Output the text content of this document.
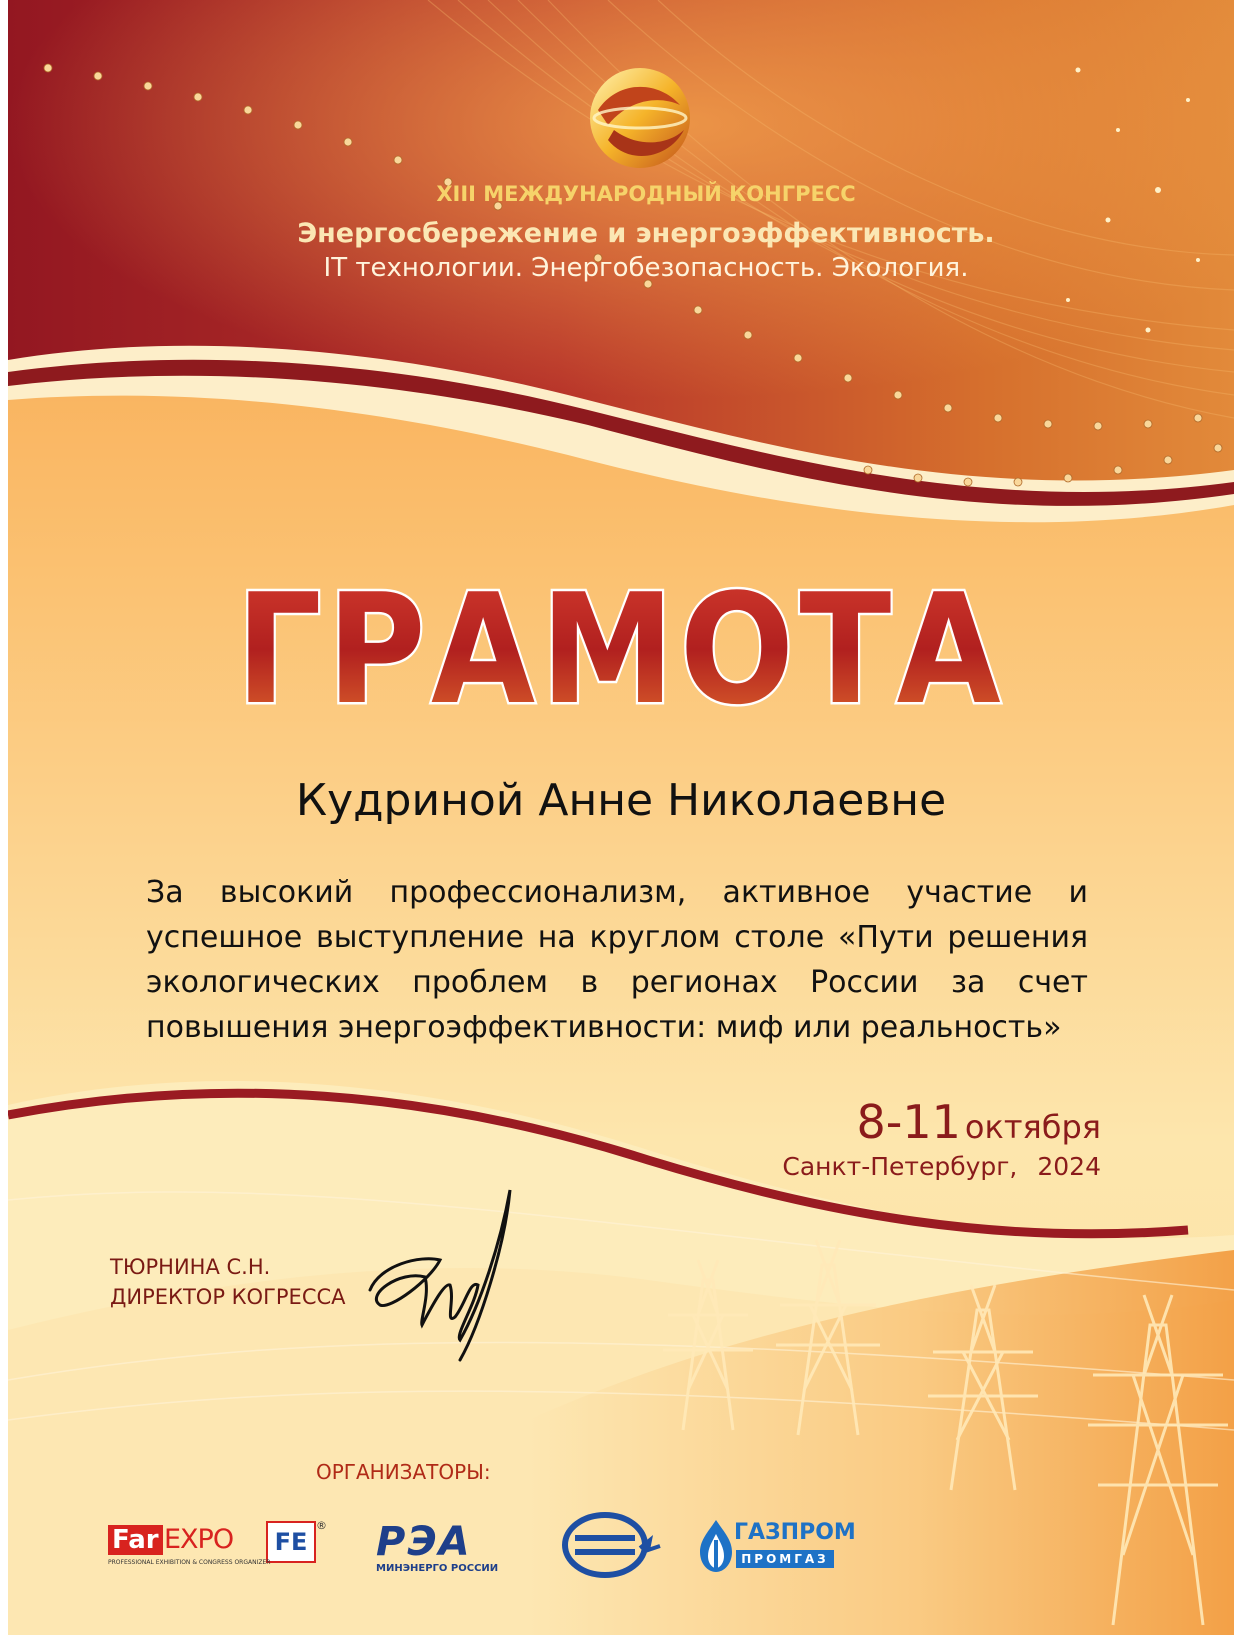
ГРАМОТА
XIII МЕЖДУНАРОДНЫЙ КОНГРЕСС
Энергосбережение и энергоэффективность.
IT технологии. Энергобезопасность. Экология.
Кудриной Анне Николаевне
За высокий профессионализм, активное участие и
успешное выступление на круглом столе «Пути решения
экологических проблем в регионах России за счет
повышения энергоэффективности: миф или реальность»
8-11 октября
Санкт-Петербург, 2024
ТЮРНИНА С.Н.
ДИРЕКТОР КОГРЕССА
ОРГАНИЗАТОРЫ:
Far EXPO	FE
®
PROFESSIONAL EXHIBITION & CONGRESS ORGANIZER	РЭА
МИНЭНЕРГО РОССИИ
ГАЗПРОМ
ПРОМГАЗ
